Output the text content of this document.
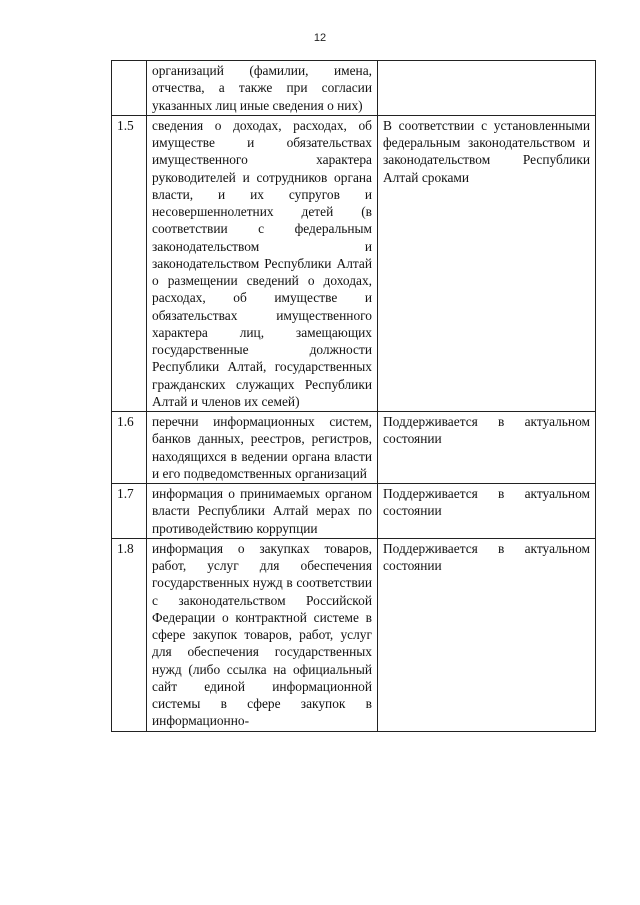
12
	организаций (фамилии, имена, отчества, а также при согласии указанных лиц иные сведения о них)	
1.5	сведения о доходах, расходах, об имуществе и обязательствах имущественного характера руководителей и сотрудников органа власти, и их супругов и несовершеннолетних детей (в соответствии с федеральным законодательством и законодательством Республики Алтай о размещении сведений о доходах, расходах, об имуществе и обязательствах имущественного характера лиц, замещающих государственные должности Республики Алтай, государственных гражданских служащих Республики Алтай и членов их семей)	В соответствии с установленными федеральным законодательством и законодательством Республики Алтай сроками
1.6	перечни информационных систем, банков данных, реестров, регистров, находящихся в ведении органа власти и его подведомственных организаций	Поддерживается в актуальном состоянии
1.7	информация о принимаемых органом власти Республики Алтай мерах по противодействию коррупции	Поддерживается в актуальном состоянии
1.8	информация о закупках товаров, работ, услуг для обеспечения государственных нужд в соответствии с законодательством Российской Федерации о контрактной системе в сфере закупок товаров, работ, услуг для обеспечения государственных нужд (либо ссылка на официальный сайт единой информационной системы в сфере закупок в информационно-	Поддерживается в актуальном состоянии
